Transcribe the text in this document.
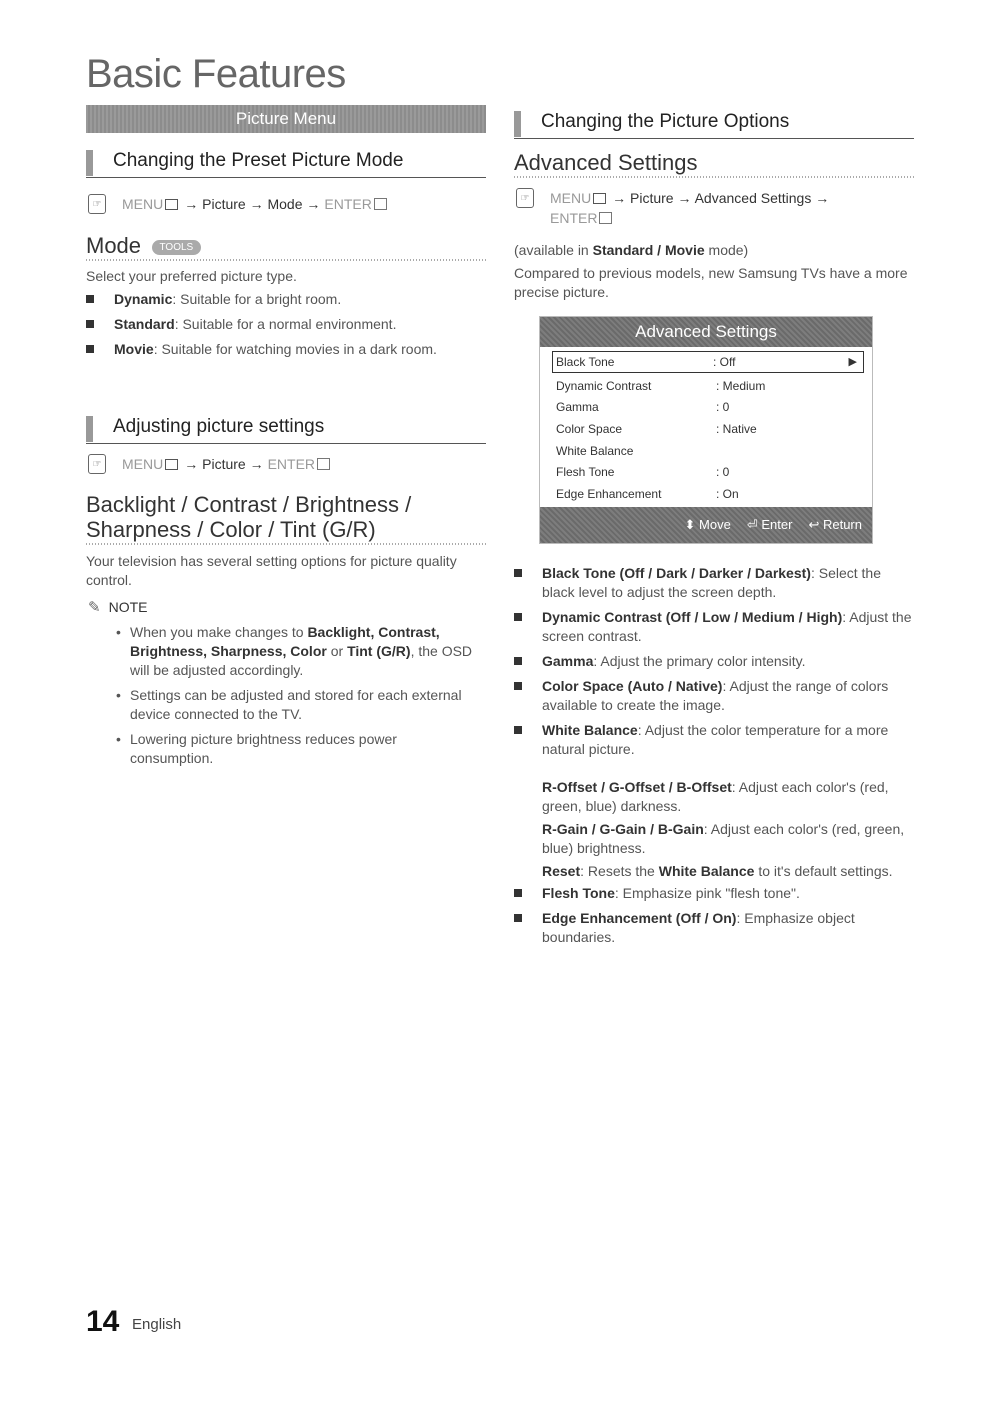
Basic Features
Picture Menu
Changing the Preset Picture Mode
☞	MENU → Picture → Mode → ENTER
Mode TOOLS
Select your preferred picture type.
Dynamic: Suitable for a bright room.
Standard: Suitable for a normal environment.
Movie: Suitable for watching movies in a dark room.
Adjusting picture settings
☞	MENU → Picture → ENTER
Backlight / Contrast / Brightness /
Sharpness / Color / Tint (G/R)
Your television has several setting options for picture quality control.
✎ NOTE
• When you make changes to Backlight, Contrast, Brightness, Sharpness, Color or Tint (G/R), the OSD will be adjusted accordingly.
• Settings can be adjusted and stored for each external device connected to the TV.
• Lowering picture brightness reduces power consumption.
Changing the Picture Options
Advanced Settings
☞	MENU → Picture → Advanced Settings →
ENTER
(available in Standard / Movie mode)
Compared to previous models, new Samsung TVs have a more precise picture.
Advanced Settings
Black Tone	: Off	▶
Dynamic Contrast	: Medium
Gamma	: 0
Color Space	: Native
White Balance
Flesh Tone	: 0
Edge Enhancement	: On
⬍ Move ⏎ Enter ↩ Return
Black Tone (Off / Dark / Darker / Darkest): Select the black level to adjust the screen depth.
Dynamic Contrast (Off / Low / Medium / High): Adjust the screen contrast.
Gamma: Adjust the primary color intensity.
Color Space (Auto / Native): Adjust the range of colors available to create the image.
White Balance: Adjust the color temperature for a more natural picture.
R-Offset / G-Offset / B-Offset: Adjust each color's (red, green, blue) darkness.
R-Gain / G-Gain / B-Gain: Adjust each color's (red, green, blue) brightness.
Reset: Resets the White Balance to it's default settings.
Flesh Tone: Emphasize pink "flesh tone".
Edge Enhancement (Off / On): Emphasize object boundaries.
14 English
